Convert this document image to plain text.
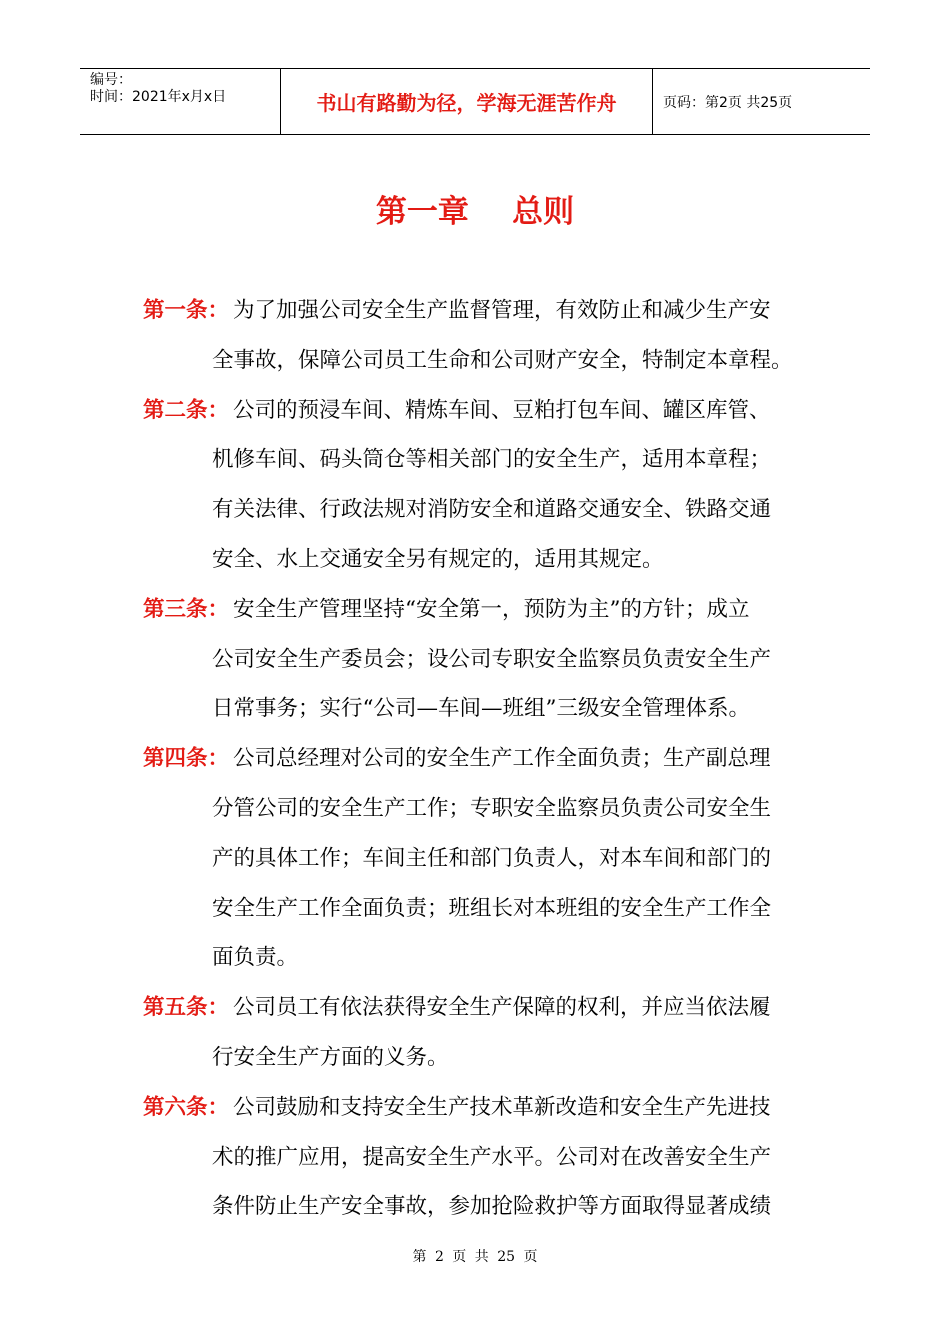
编号：
时间：2021年x月x日	书山有路勤为径，学海无涯苦作舟	页码：第2页 共25页
第一章    总则
第一条： 为了加强公司安全生产监督管理，有效防止和减少生产安
全事故，保障公司员工生命和公司财产安全，特制定本章程。
第二条： 公司的预浸车间、精炼车间、豆粕打包车间、罐区库管、
机修车间、码头筒仓等相关部门的安全生产，适用本章程；
有关法律、行政法规对消防安全和道路交通安全、铁路交通
安全、水上交通安全另有规定的，适用其规定。
第三条： 安全生产管理坚持“安全第一，预防为主”的方针；成立
公司安全生产委员会；设公司专职安全监察员负责安全生产
日常事务；实行“公司—车间—班组”三级安全管理体系。
第四条： 公司总经理对公司的安全生产工作全面负责；生产副总理
分管公司的安全生产工作；专职安全监察员负责公司安全生
产的具体工作；车间主任和部门负责人，对本车间和部门的
安全生产工作全面负责；班组长对本班组的安全生产工作全
面负责。
第五条： 公司员工有依法获得安全生产保障的权利，并应当依法履
行安全生产方面的义务。
第六条： 公司鼓励和支持安全生产技术革新改造和安全生产先进技
术的推广应用，提高安全生产水平。公司对在改善安全生产
条件防止生产安全事故，参加抢险救护等方面取得显著成绩
第 2 页 共 25 页
